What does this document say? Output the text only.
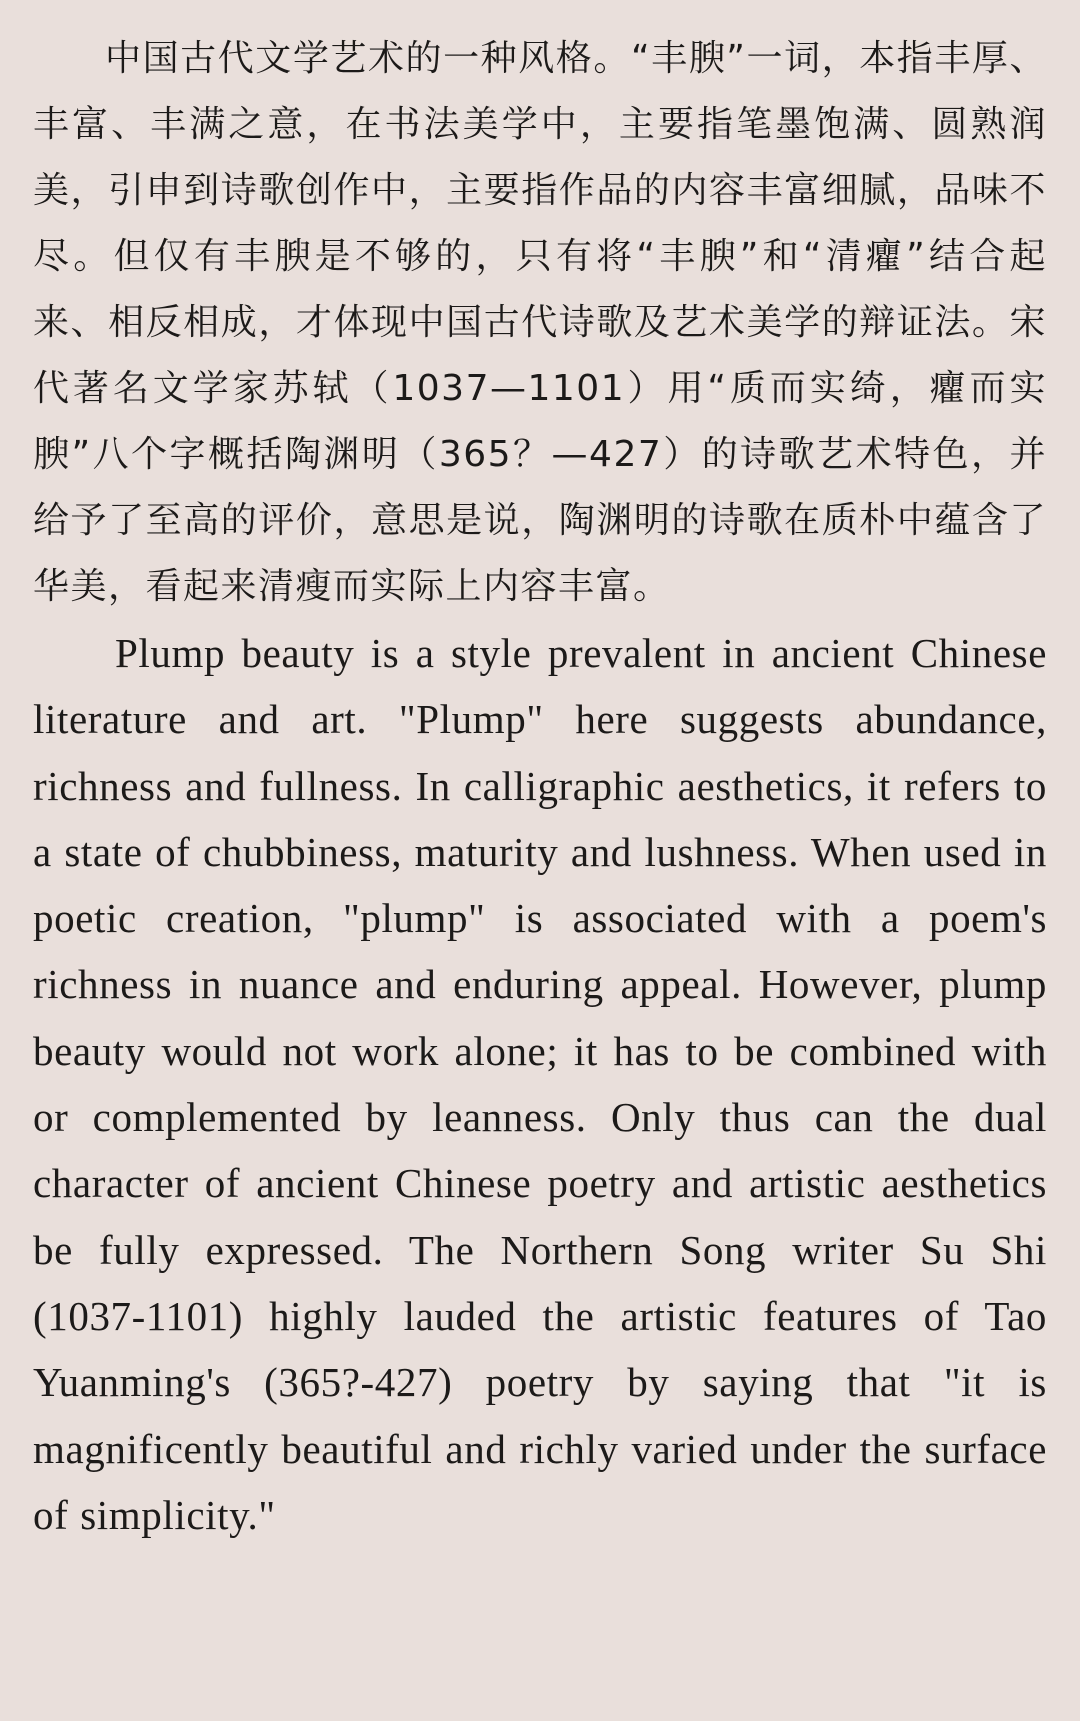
中国古代文学艺术的一种风格。“丰腴”一词，本指丰厚、丰富、丰满之意，在书法美学中，主要指笔墨饱满、圆熟润美，引申到诗歌创作中，主要指作品的内容丰富细腻，品味不尽。但仅有丰腴是不够的，只有将“丰腴”和“清癯”结合起来、相反相成，才体现中国古代诗歌及艺术美学的辩证法。宋代著名文学家苏轼（1037—1101）用“质而实绮，癯而实腴”八个字概括陶渊明（365？—427）的诗歌艺术特色，并给予了至高的评价，意思是说，陶渊明的诗歌在质朴中蕴含了华美，看起来清瘦而实际上内容丰富。

Plump beauty is a style prevalent in ancient Chinese literature and art. "Plump" here suggests abundance, richness and fullness. In calligraphic aesthetics, it refers to a state of chubbiness, maturity and lushness. When used in poetic creation, "plump" is associated with a poem's richness in nuance and enduring appeal. However, plump beauty would not work alone; it has to be combined with or complemented by leanness. Only thus can the dual character of ancient Chinese poetry and artistic aesthetics be fully expressed. The Northern Song writer Su Shi (1037-1101) highly lauded the artistic features of Tao Yuanming's (365?-427) poetry by saying that "it is magnificently beautiful and richly varied under the surface of simplicity."
